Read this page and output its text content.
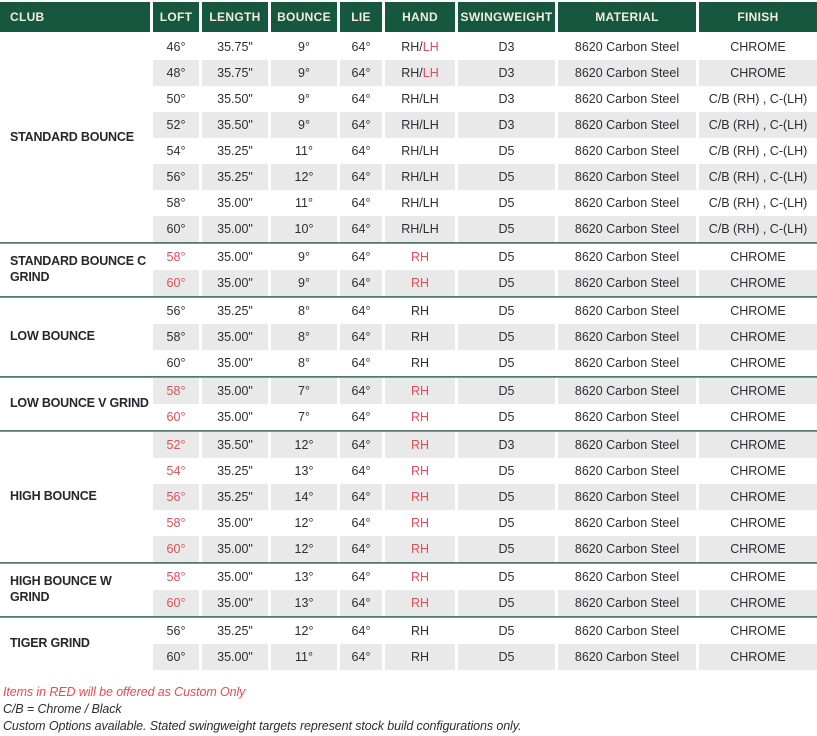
CLUB	LOFT	LENGTH	BOUNCE	LIE	HAND	SWINGWEIGHT	MATERIAL	FINISH
STANDARD BOUNCE
46°	35.75"	9°	64°	RH/LH	D3	8620 Carbon Steel	CHROME
48°	35.75"	9°	64°	RH/LH	D3	8620 Carbon Steel	CHROME
50°	35.50"	9°	64°	RH/LH	D3	8620 Carbon Steel	C/B (RH) , C-(LH)
52°	35.50"	9°	64°	RH/LH	D3	8620 Carbon Steel	C/B (RH) , C-(LH)
54°	35.25"	11°	64°	RH/LH	D5	8620 Carbon Steel	C/B (RH) , C-(LH)
56°	35.25"	12°	64°	RH/LH	D5	8620 Carbon Steel	C/B (RH) , C-(LH)
58°	35.00"	11°	64°	RH/LH	D5	8620 Carbon Steel	C/B (RH) , C-(LH)
60°	35.00"	10°	64°	RH/LH	D5	8620 Carbon Steel	C/B (RH) , C-(LH)
STANDARD BOUNCE C GRIND
58°	35.00"	9°	64°	RH	D5	8620 Carbon Steel	CHROME
60°	35.00"	9°	64°	RH	D5	8620 Carbon Steel	CHROME
LOW BOUNCE
56°	35.25"	8°	64°	RH	D5	8620 Carbon Steel	CHROME
58°	35.00"	8°	64°	RH	D5	8620 Carbon Steel	CHROME
60°	35.00"	8°	64°	RH	D5	8620 Carbon Steel	CHROME
LOW BOUNCE V GRIND
58°	35.00"	7°	64°	RH	D5	8620 Carbon Steel	CHROME
60°	35.00"	7°	64°	RH	D5	8620 Carbon Steel	CHROME
HIGH BOUNCE
52°	35.50"	12°	64°	RH	D3	8620 Carbon Steel	CHROME
54°	35.25"	13°	64°	RH	D5	8620 Carbon Steel	CHROME
56°	35.25"	14°	64°	RH	D5	8620 Carbon Steel	CHROME
58°	35.00"	12°	64°	RH	D5	8620 Carbon Steel	CHROME
60°	35.00"	12°	64°	RH	D5	8620 Carbon Steel	CHROME
HIGH BOUNCE W GRIND
58°	35.00"	13°	64°	RH	D5	8620 Carbon Steel	CHROME
60°	35.00"	13°	64°	RH	D5	8620 Carbon Steel	CHROME
TIGER GRIND
56°	35.25"	12°	64°	RH	D5	8620 Carbon Steel	CHROME
60°	35.00"	11°	64°	RH	D5	8620 Carbon Steel	CHROME
Items in RED will be offered as Custom Only
C/B = Chrome / Black
Custom Options available. Stated swingweight targets represent stock build configurations only.
